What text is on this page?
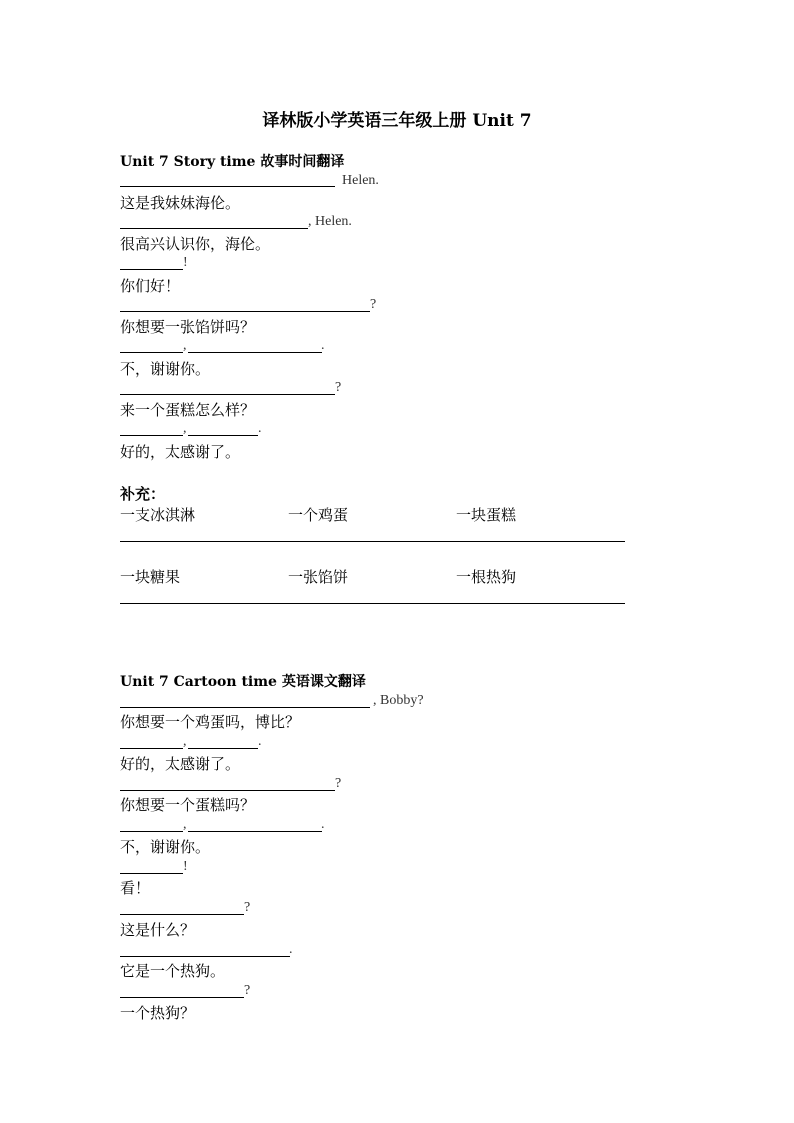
译林版小学英语三年级上册 Unit 7
Unit 7 Story time 故事时间翻译
Helen.
这是我妹妹海伦。
, Helen.
很高兴认识你，海伦。
!
你们好！
?
你想要一张馅饼吗？
,	.
不，谢谢你。
?
来一个蛋糕怎么样？
,	.
好的，太感谢了。
补充：
一支冰淇淋	一个鸡蛋	一块蛋糕
一块糖果	一张馅饼	一根热狗
Unit 7 Cartoon time 英语课文翻译
, Bobby?
你想要一个鸡蛋吗，博比？
,	.
好的，太感谢了。
?
你想要一个蛋糕吗？
,	.
不，谢谢你。
!
看！
?
这是什么？
.
它是一个热狗。
?
一个热狗？
